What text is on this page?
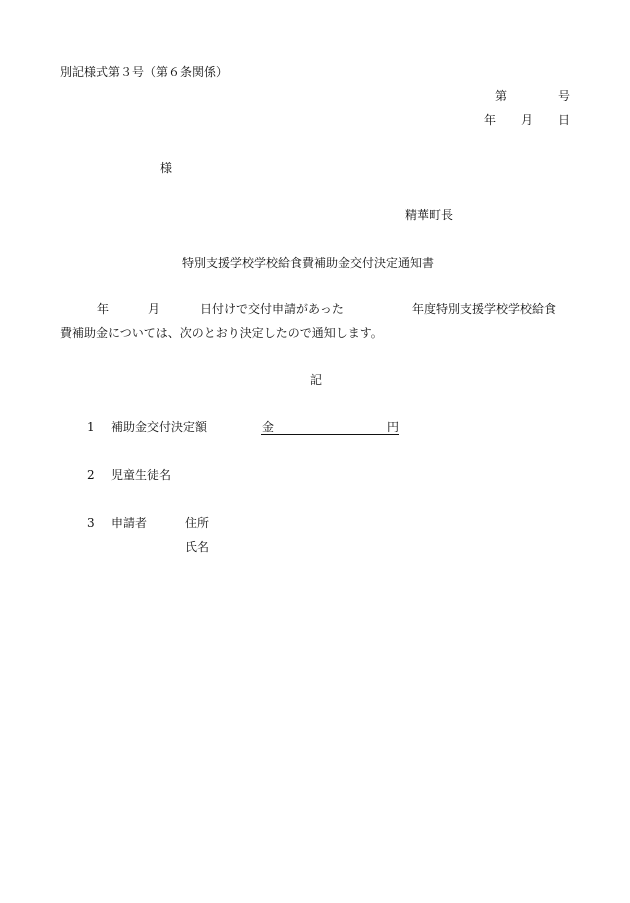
別記様式第３号（第６条関係）
第	号
年 月 日
様
精華町長
特別支援学校学校給食費補助金交付決定通知書
年	月	日付けで交付申請があった	年度特別支援学校学校給食
費補助金については、次のとおり決定したので通知します。
記
1 補助金交付決定額	金	円
2 児童生徒名
3 申請者	住所
氏名
